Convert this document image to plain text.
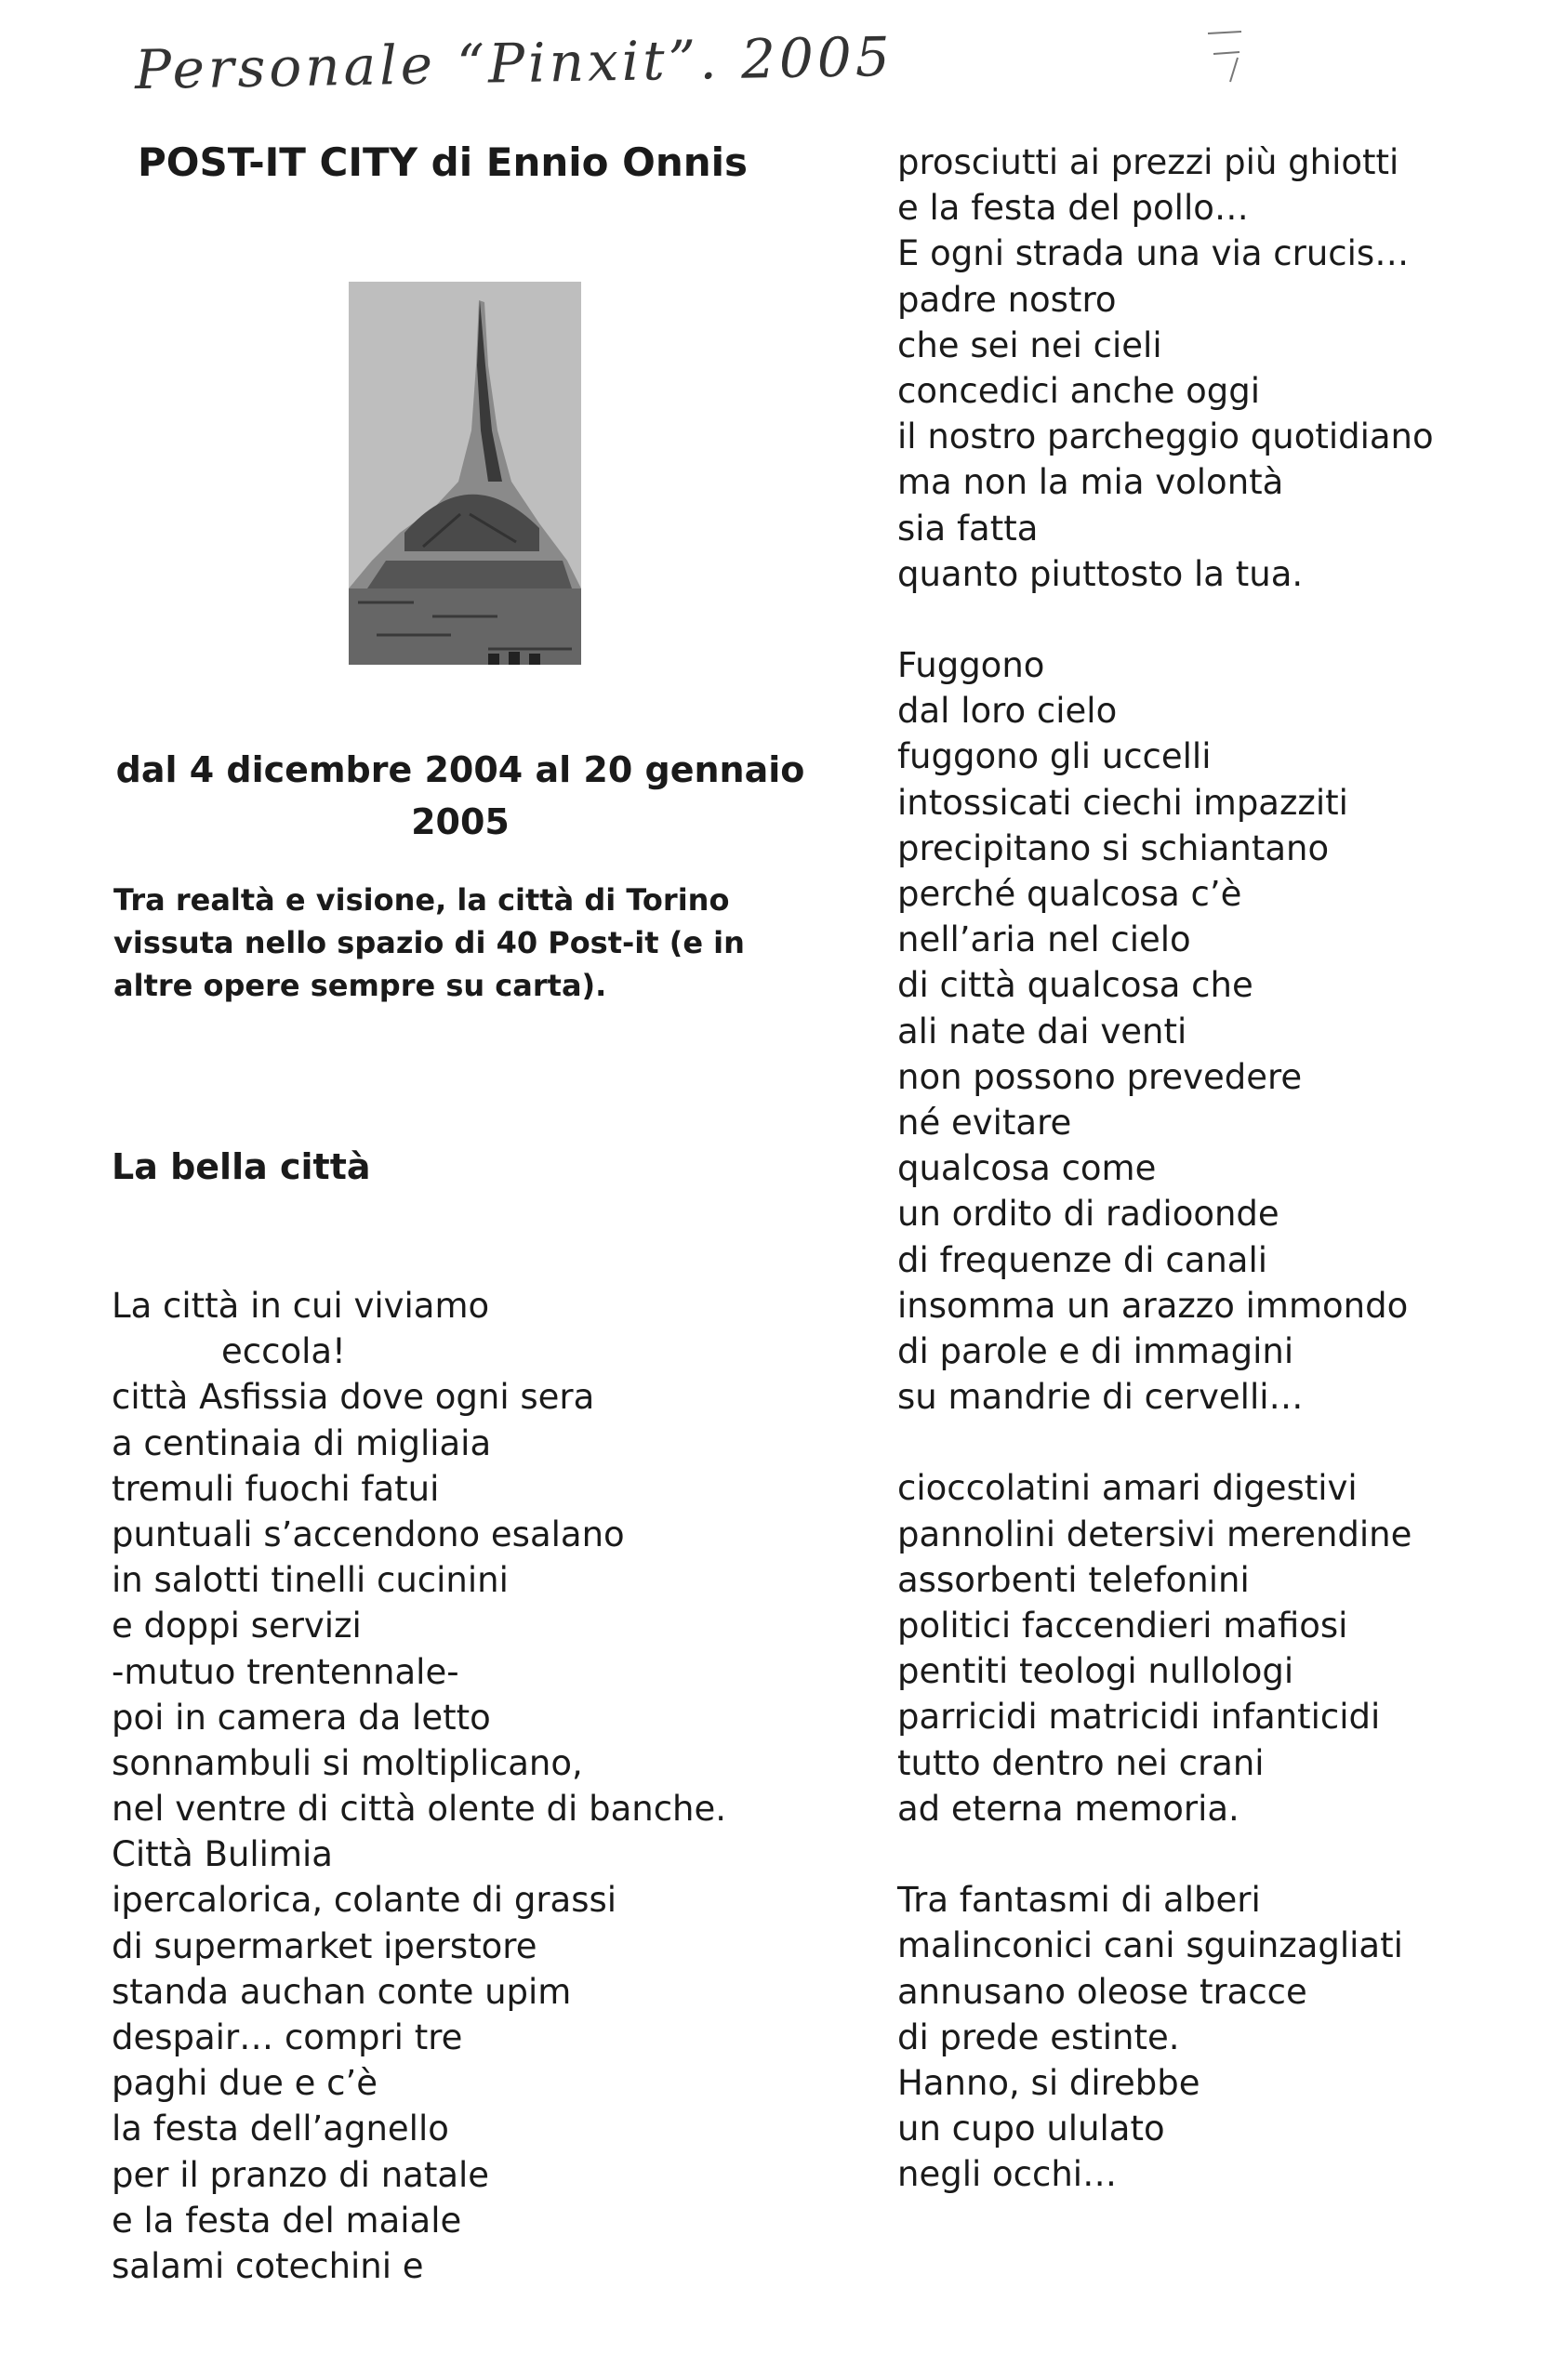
Personale “Pinxit”. 2005
POST-IT CITY di Ennio Onnis
dal 4 dicembre 2004 al 20 gennaio 2005
Tra realtà e visione, la città di Torino vissuta nello spazio di 40 Post-it (e in altre opere sempre su carta).
La bella città
La città in cui viviamo
eccola!
città Asfissia dove ogni sera
a centinaia di migliaia
tremuli fuochi fatui
puntuali s’accendono esalano
in salotti tinelli cucinini
e doppi servizi
-mutuo trentennale-
poi in camera da letto
sonnambuli si moltiplicano,
nel ventre di città olente di banche.
Città Bulimia
ipercalorica, colante di grassi
di supermarket iperstore
standa auchan conte upim
despair… compri tre
paghi due e c’è
la festa dell’agnello
per il pranzo di natale
e la festa del maiale
salami cotechini e
prosciutti ai prezzi più ghiotti
e la festa del pollo…
E ogni strada una via crucis…
padre nostro
che sei nei cieli
concedici anche oggi
il nostro parcheggio quotidiano
ma non la mia volontà
sia fatta
quanto piuttosto la tua.
Fuggono
dal loro cielo
fuggono gli uccelli
intossicati ciechi impazziti
precipitano si schiantano
perché qualcosa c’è
nell’aria nel cielo
di città qualcosa che
ali nate dai venti
non possono prevedere
né evitare
qualcosa come
un ordito di radioonde
di frequenze di canali
insomma un arazzo immondo
di parole e di immagini
su mandrie di cervelli…
cioccolatini amari digestivi
pannolini detersivi merendine
assorbenti telefonini
politici faccendieri mafiosi
pentiti teologi nullologi
parricidi matricidi infanticidi
tutto dentro nei crani
ad eterna memoria.
Tra fantasmi di alberi
malinconici cani sguinzagliati
annusano oleose tracce
di prede estinte.
Hanno, si direbbe
un cupo ululato
negli occhi…
